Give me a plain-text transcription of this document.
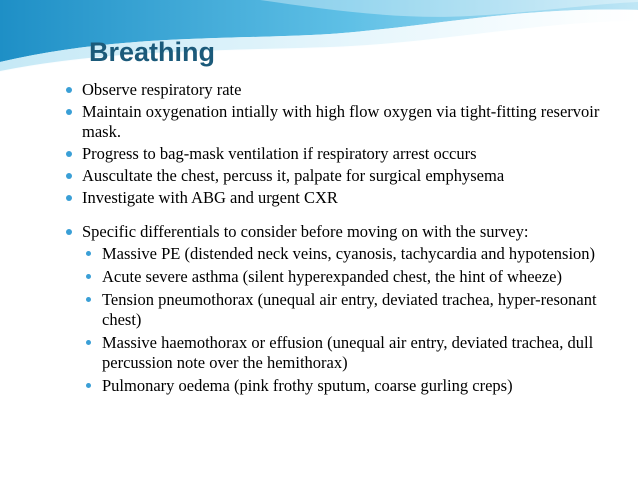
Breathing
Observe respiratory rate
Maintain oxygenation intially with high flow oxygen via tight-fitting reservoir mask.
Progress to bag-mask ventilation if respiratory arrest occurs
Auscultate the chest, percuss it, palpate for surgical emphysema
Investigate with ABG and urgent CXR
Specific differentials to consider before moving on with the survey:
Massive PE (distended neck veins, cyanosis, tachycardia and hypotension)
Acute severe asthma (silent hyperexpanded chest, the hint of wheeze)
Tension pneumothorax (unequal air entry, deviated trachea, hyper-resonant chest)
Massive haemothorax or effusion (unequal air entry, deviated trachea, dull percussion note over the hemithorax)
Pulmonary oedema (pink frothy sputum, coarse gurling creps)
